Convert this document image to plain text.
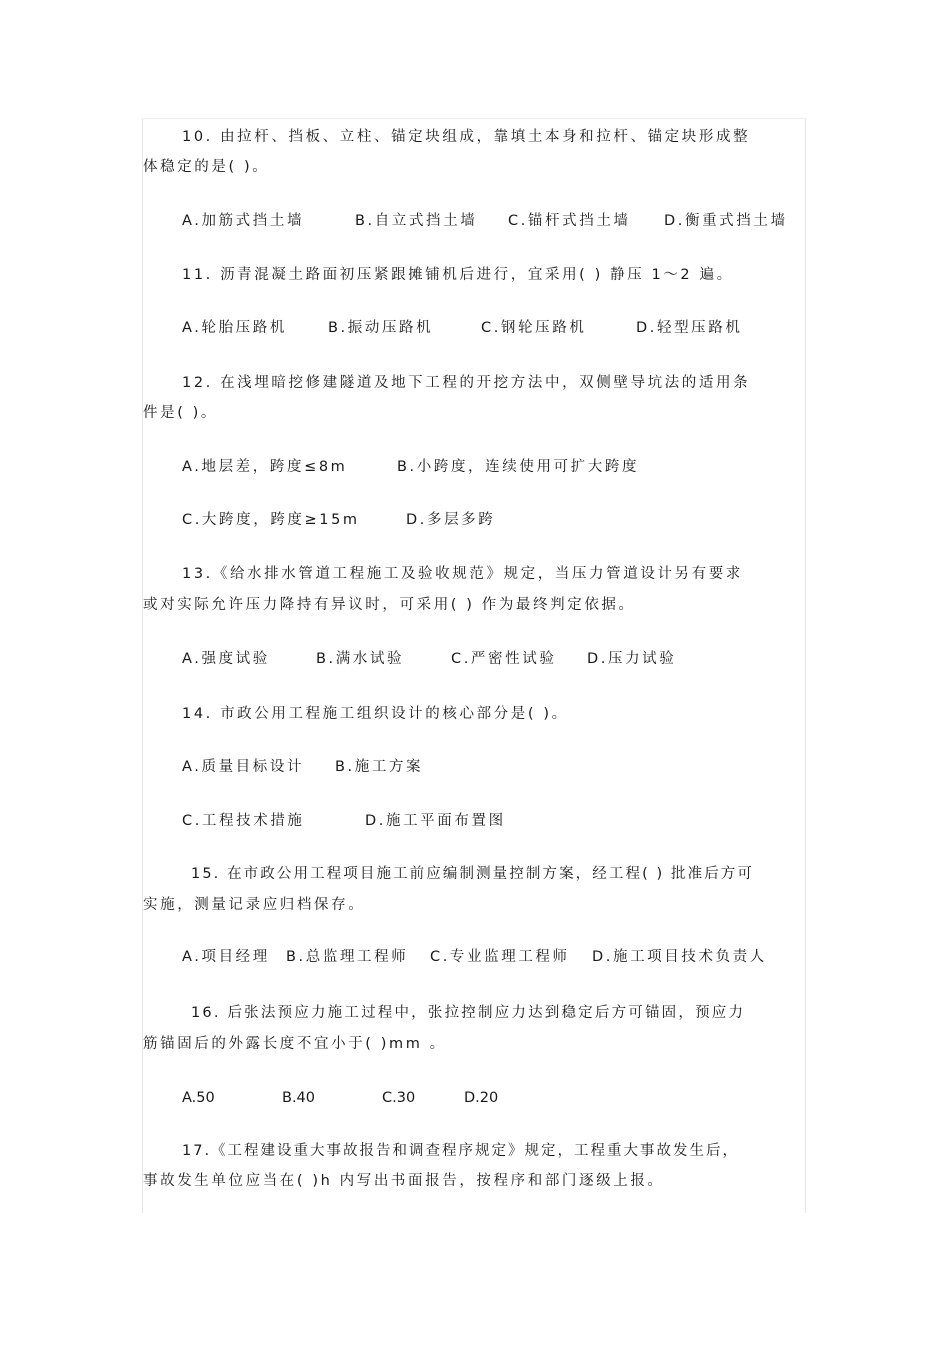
10. 由拉杆、挡板、立柱、锚定块组成，靠填土本身和拉杆、锚定块形成整
体稳定的是( )。
A.加筋式挡土墙	B.自立式挡土墙 C.锚杆式挡土墙 D.衡重式挡土墙
11. 沥青混凝土路面初压紧跟摊铺机后进行，宜采用( ) 静压 1～2 遍。
A.轮胎压路机	B.振动压路机	C.钢轮压路机	D.轻型压路机
12. 在浅埋暗挖修建隧道及地下工程的开挖方法中，双侧壁导坑法的适用条
件是( )。
A.地层差，跨度≤8m	B.小跨度，连续使用可扩大跨度
C.大跨度，跨度≥15m	D.多层多跨
13.《给水排水管道工程施工及验收规范》规定，当压力管道设计另有要求
或对实际允许压力降持有异议时，可采用( ) 作为最终判定依据。
A.强度试验	B.满水试验	C.严密性试验 D.压力试验
14. 市政公用工程施工组织设计的核心部分是( )。
A.质量目标设计 B.施工方案
C.工程技术措施	D.施工平面布置图
15. 在市政公用工程项目施工前应编制测量控制方案，经工程( ) 批准后方可
实施，测量记录应归档保存。
A.项目经理 B.总监理工程师 C.专业监理工程师 D.施工项目技术负责人
16. 后张法预应力施工过程中，张拉控制应力达到稳定后方可锚固，预应力
筋锚固后的外露长度不宜小于( )mm 。
A.50	B.40	C.30	D.20
17.《工程建设重大事故报告和调查程序规定》规定，工程重大事故发生后，
事故发生单位应当在( )h 内写出书面报告，按程序和部门逐级上报。
